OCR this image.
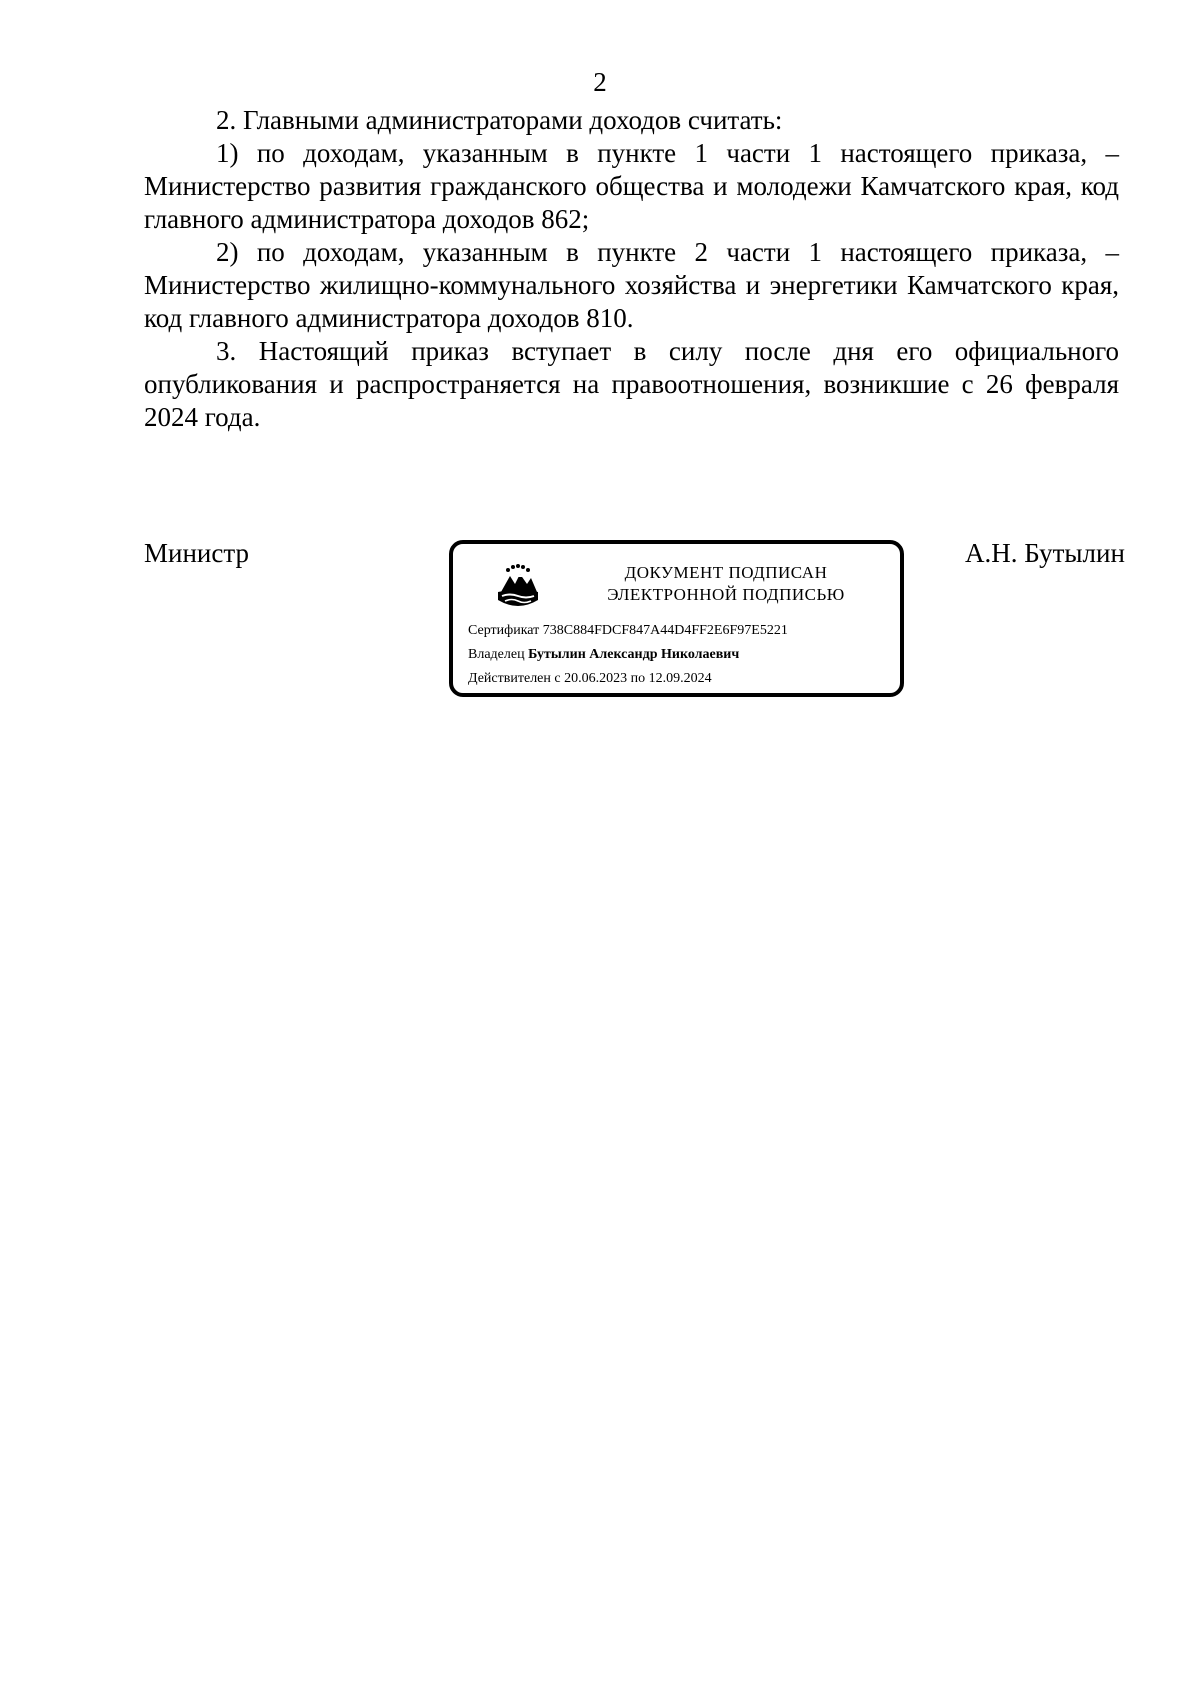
2

2. Главными администраторами доходов считать:

1) по доходам, указанным в пункте 1 части 1 настоящего приказа, – Министерство развития гражданского общества и молодежи Камчатского края, код главного администратора доходов 862;

2) по доходам, указанным в пункте 2 части 1 настоящего приказа, – Министерство жилищно-коммунального хозяйства и энергетики Камчатского края, код главного администратора доходов 810.

3. Настоящий приказ вступает в силу после дня его официального опубликования и распространяется на правоотношения, возникшие с 26 февраля 2024 года.

Министр
ДОКУМЕНТ ПОДПИСАН
ЭЛЕКТРОННОЙ ПОДПИСЬЮ
Сертификат 738C884FDCF847A44D4FF2E6F97E5221
Владелец Бутылин Александр Николаевич
Действителен с 20.06.2023 по 12.09.2024
А.Н. Бутылин
